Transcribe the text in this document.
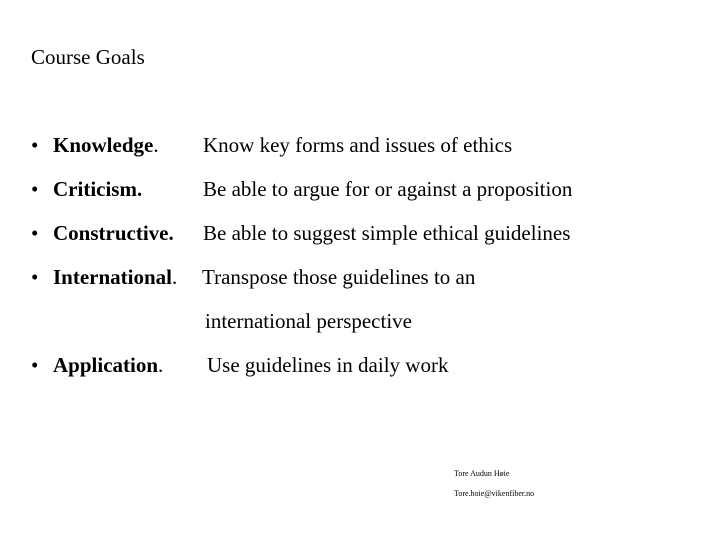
Course Goals
• Knowledge. Know key forms and issues of ethics
• Criticism.	Be able to argue for or against a proposition
• Constructive. Be able to suggest simple ethical guidelines
• International. Transpose those guidelines to an
international perspective
• Application. Use guidelines in daily work
Tore Audun Høie
Tore.hoie@vikenfiber.no
